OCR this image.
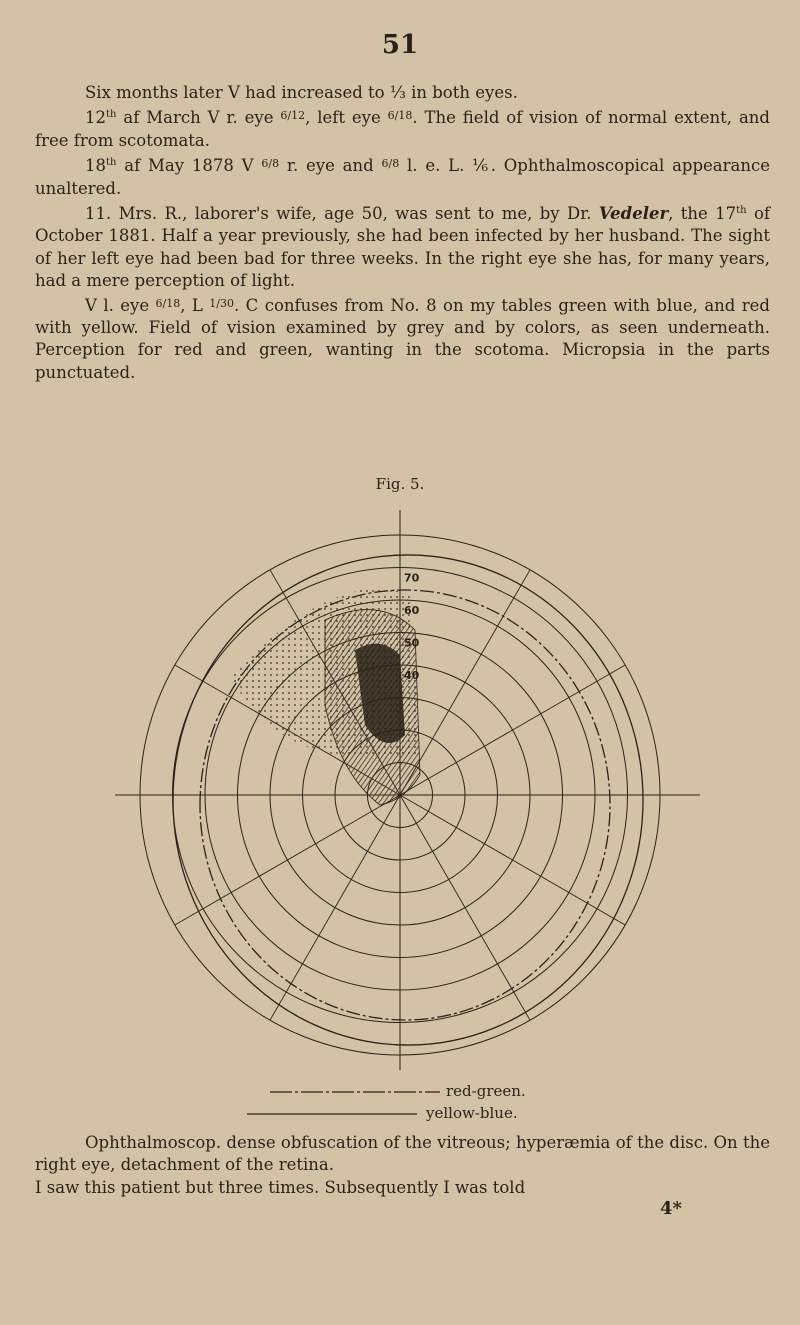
51

Six months later V had increased to ⅓ in both eyes.

12th af March V r. eye $^{6/12}$, left eye $^{6/18}$. The field of vision of normal extent, and free from scotomata.

18th af May 1878 V $^{6/8}$ r. eye and $^{6/8}$ l. e. L. ⅙. Ophthalmoscopical appearance unaltered.

11. Mrs. R., laborer's wife, age 50, was sent to me, by Dr. Vedeler, the 17th of October 1881. Half a year previously, she had been infected by her husband. The sight of her left eye had been bad for three weeks. In the right eye she has, for many years, had a mere perception of light.

V l. eye $^{6/18}$, L $^{1/30}$. C confuses from No. 8 on my tables green with blue, and red with yellow. Field of vision examined by grey and by colors, as seen underneath. Perception for red and green, wanting in the scotoma. Micropsia in the parts punctuated.

Fig. 5.
70
60
50
40
red-green.
yellow-blue.

Ophthalmoscop. dense obfuscation of the vitreous; hyperæmia of the disc. On the right eye, detachment of the retina.

I saw this patient but three times. Subsequently I was told

4*
